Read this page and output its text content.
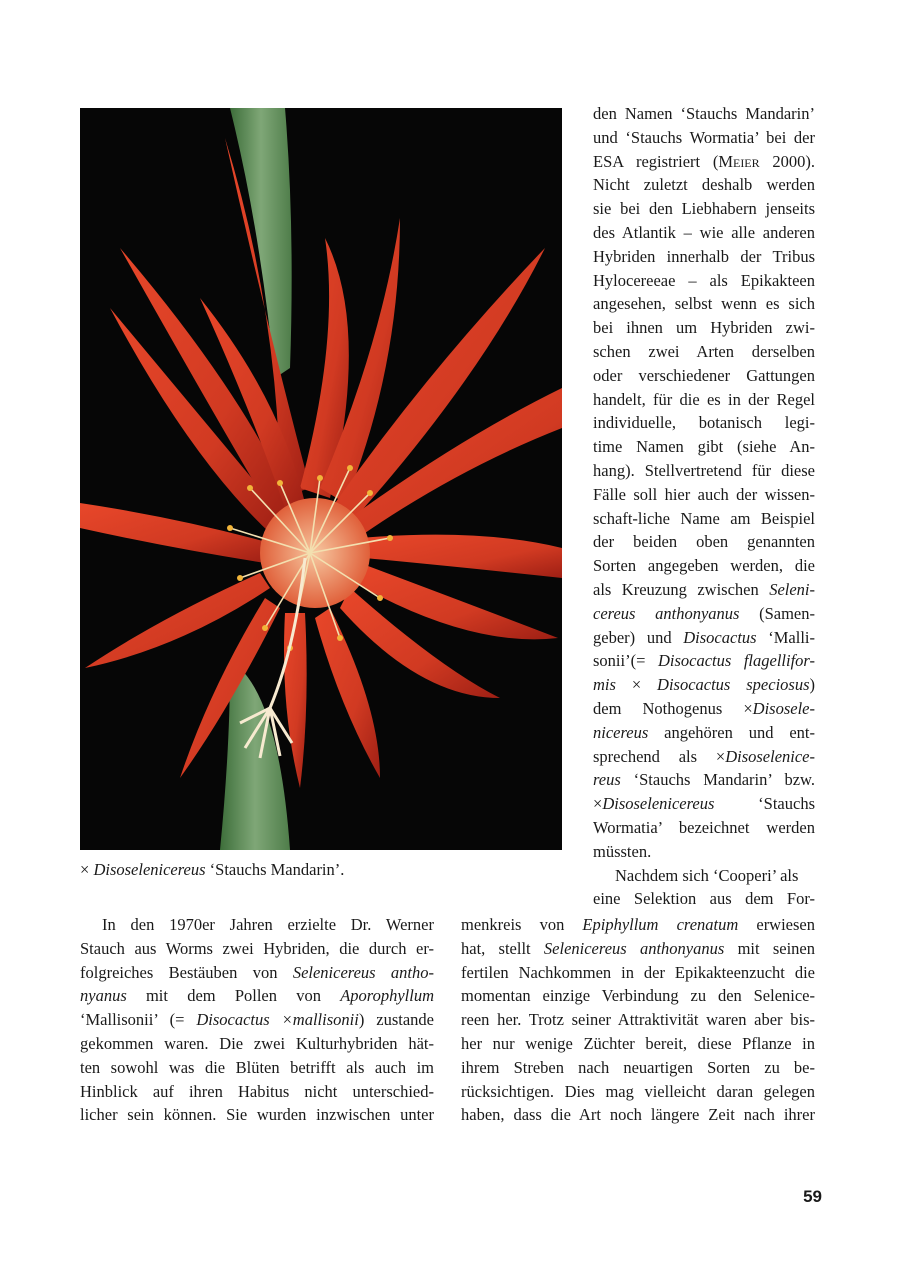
× Disoselenicereus ‘Stauchs Mandarin’.
den Namen ‘Stauchs Mandarin’
und ‘Stauchs Wormatia’ bei der
ESA registriert (Meier 2000).
Nicht zuletzt deshalb werden
sie bei den Liebhabern jenseits
des Atlantik – wie alle anderen
Hybriden innerhalb der Tribus
Hylocereeae – als Epikakteen
angesehen, selbst wenn es sich
bei ihnen um Hybriden zwi-
schen zwei Arten derselben
oder verschiedener Gattungen
handelt, für die es in der Regel
individuelle, botanisch legi-
time Namen gibt (siehe An-
hang). Stellvertretend für diese
Fälle soll hier auch der wissen-
schaft-liche Name am Beispiel
der beiden oben genannten
Sorten angegeben werden, die
als Kreuzung zwischen Seleni-
cereus anthonyanus (Samen-
geber) und Disocactus ‘Malli-
sonii’(= Disocactus flagellifor-
mis × Disocactus speciosus)
dem Nothogenus ×Disosele-
nicereus angehören und ent-
sprechend als ×Disoselenice-
reus ‘Stauchs Mandarin’ bzw.
×Disoselenicereus ‘Stauchs
Wormatia’ bezeichnet werden
müssten.
Nachdem sich ‘Cooperi’ als
eine Selektion aus dem For-
In den 1970er Jahren erzielte Dr. Werner
Stauch aus Worms zwei Hybriden, die durch er-
folgreiches Bestäuben von Selenicereus antho-
nyanus mit dem Pollen von Aporophyllum
‘Mallisonii’ (= Disocactus ×mallisonii) zustande
gekommen waren. Die zwei Kulturhybriden hät-
ten sowohl was die Blüten betrifft als auch im
Hinblick auf ihren Habitus nicht unterschied-
licher sein können. Sie wurden inzwischen unter
menkreis von Epiphyllum crenatum erwiesen
hat, stellt Selenicereus anthonyanus mit seinen
fertilen Nachkommen in der Epikakteenzucht die
momentan einzige Verbindung zu den Selenice-
reen her. Trotz seiner Attraktivität waren aber bis-
her nur wenige Züchter bereit, diese Pflanze in
ihrem Streben nach neuartigen Sorten zu be-
rücksichtigen. Dies mag vielleicht daran gelegen
haben, dass die Art noch längere Zeit nach ihrer
59
